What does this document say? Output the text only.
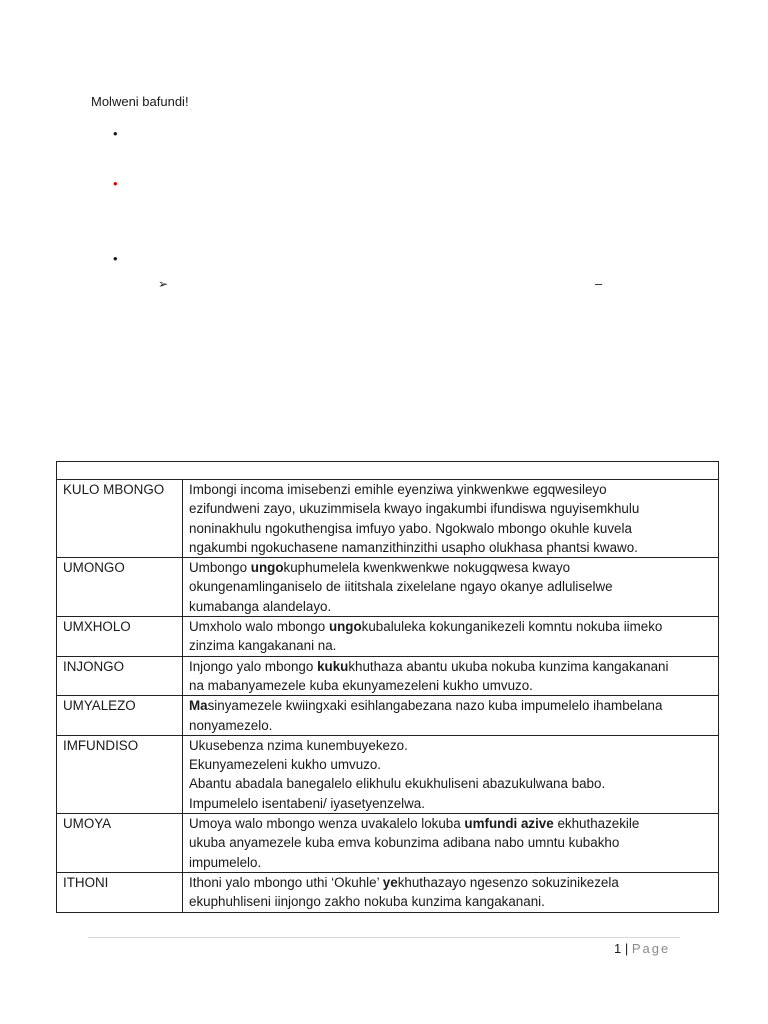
Molweni bafundi!
•
•
•
➢	–

KULO MBONGO	Imbongi incoma imisebenzi emihle eyenziwa yinkwenkwe egqwesileyo
ezifundweni zayo, ukuzimmisela kwayo ingakumbi ifundiswa nguyisemkhulu
noninakhulu ngokuthengisa imfuyo yabo. Ngokwalo mbongo okuhle kuvela
ngakumbi ngokuchasene namanzithinzithi usapho olukhasa phantsi kwawo.

UMONGO	Umbongo ungokuphumelela kwenkwenkwe nokugqwesa kwayo
okungenamlinganiselo de iititshala zixelelane ngayo okanye adluliselwe
kumabanga alandelayo.

UMXHOLO	Umxholo walo mbongo ungokubaluleka kokunganikezeli komntu nokuba iimeko
zinzima kangakanani na.

INJONGO	Injongo yalo mbongo kukukhuthaza abantu ukuba nokuba kunzima kangakanani
na mabanyamezele kuba ekunyamezeleni kukho umvuzo.

UMYALEZO	Masinyamezele kwiingxaki esihlangabezana nazo kuba impumelelo ihambelana
nonyamezelo.

IMFUNDISO	Ukusebenza nzima kunembuyekezo.
Ekunyamezeleni kukho umvuzo.
Abantu abadala banegalelo elikhulu ekukhuliseni abazukulwana babo.
Impumelelo isentabeni/ iyasetyenzelwa.

UMOYA	Umoya walo mbongo wenza uvakalelo lokuba umfundi azive ekhuthazekile
ukuba anyamezele kuba emva kobunzima adibana nabo umntu kubakho
impumelelo.

ITHONI	Ithoni yalo mbongo uthi ‘Okuhle’ yekhuthazayo ngesenzo sokuzinikezela
ekuphuhliseni iinjongo zakho nokuba kunzima kangakanani.
1 | Page
